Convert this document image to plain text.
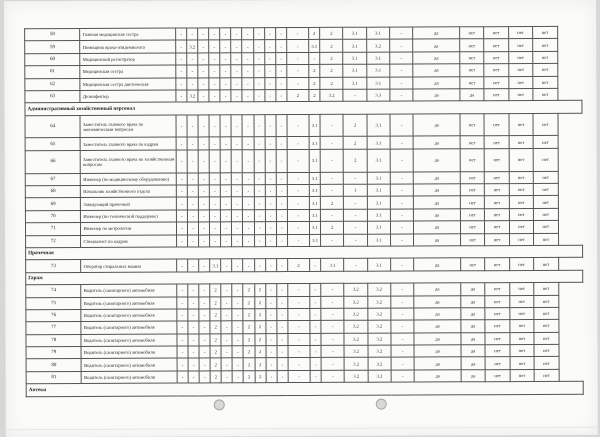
58	Главная медицинская сестра	-	-	-	-	-	-	-	-	-	-	-	2	2	3.1	3.1	-	да	нет	нет	нет	нет
59	Помощник врача-эпидемиолога	-	3.2	-	-	-	-	-	-	-	-	-	3.1	2	3.1	3.2	-	да	нет	нет	нет	нет
60	Медицинский регистратор	-	-	-	-	-	-	-	-	-	-	-	-	2	3.1	3.1	-	да	нет	нет	нет	нет
61	Медицинская сестра	-	-	-	-	-	-	-	-	-	-	-	2	2	3.1	3.1	-	да	нет	нет	нет	нет
62	Медицинская сестра диетическая	-	-	-	-	-	-	-	-	-	-	-	2	2	3.1	3.1	-	да	нет	нет	нет	нет
63	Дезинфектор	-	3.2	-	-	-	-	-	-	-	-	2	2	3.2	-	3.3	-	да	да	нет	нет	нет
Административный хозяйственный персонал																						
64	Заместитель главного врача по экономическим вопросам	-	-	-	-	-	-	-	-	-	-	-	3.1	-	2	3.1	-	да	нет	нет	нет	нет
65	Заместитель главного врача по кадрам	-	-	-	-	-	-	-	-	-	-	-	3.1	-	2	3.1	-	да	нет	нет	нет	нет
66	Заместитель главного врача по хозяйственным вопросам	-	-	-	-	-	-	-	-	-	-	-	3.1	-	2	3.1	-	да	нет	нет	нет	нет
67	Инженер (по медицинскому оборудованию)	-	-	-	-	-	-	-	-	-	-	-	3.1	-	-	3.1	-	да	нет	нет	нет	нет
68	Начальник хозяйственного отдела	-	-	-	-	-	-	-	-	-	-	-	3.1	-	1	3.1	-	да	нет	нет	нет	нет
69	Заведующий прачечной	-	-	-	-	-	-	-	-	-	-	-	3.1	2	-	3.1	-	да	нет	нет	нет	нет
70	Инженер (по технической поддержке)	-	-	-	-	-	-	-	-	-	-	-	3.1	-	-	3.1	-	да	нет	нет	нет	нет
71	Инженер по метрологии	-	-	-	-	-	-	-	-	-	-	-	3.1	2	-	3.1	-	да	нет	нет	нет	нет
72	Специалист по кадрам	-	-	-	-	-	-	-	-	-	-	-	3.1	-	-	3.1	-	да	нет	нет	нет	нет
Прачечная																						
73	Оператор стиральных машин	-	-	-	3.1	-	-	-	-	-	-	2	-	3.1	-	3.1	-	да	нет	нет	нет	нет
Гараж																						
74	Водитель (санитарного) автомобиля	-	-	-	2	-	-	2	2	-	-	-	-	-	3.2	3.2	-	да	да	нет	нет	нет
75	Водитель (санитарного) автомобиля	-	-	-	2	-	-	2	2	-	-	-	-	-	3.2	3.2	-	да	да	нет	нет	нет
76	Водитель (санитарного) автомобиля	-	-	-	2	-	-	2	2	-	-	-	-	-	3.2	3.2	-	да	да	нет	нет	нет
77	Водитель (санитарного) автомобиля	-	-	-	2	-	-	2	2	-	-	-	-	-	3.2	3.2	-	да	да	нет	нет	нет
78	Водитель (санитарного) автомобиля	-	-	-	2	-	-	2	2	-	-	-	-	-	3.2	3.2	-	да	да	нет	нет	нет
79	Водитель (санитарного) автомобиля	-	-	-	2	-	-	2	2	-	-	-	-	-	3.2	3.2	-	да	да	нет	нет	нет
80	Водитель (санитарного) автомобиля	-	-	-	2	-	-	2	2	-	-	-	-	-	3.2	3.2	-	да	да	нет	нет	нет
81	Водитель (санитарного) автомобиля	-	-	-	2	-	-	2	2	-	-	-	-	-	3.2	3.2	-	да	да	нет	нет	нет
Аптеки																						
